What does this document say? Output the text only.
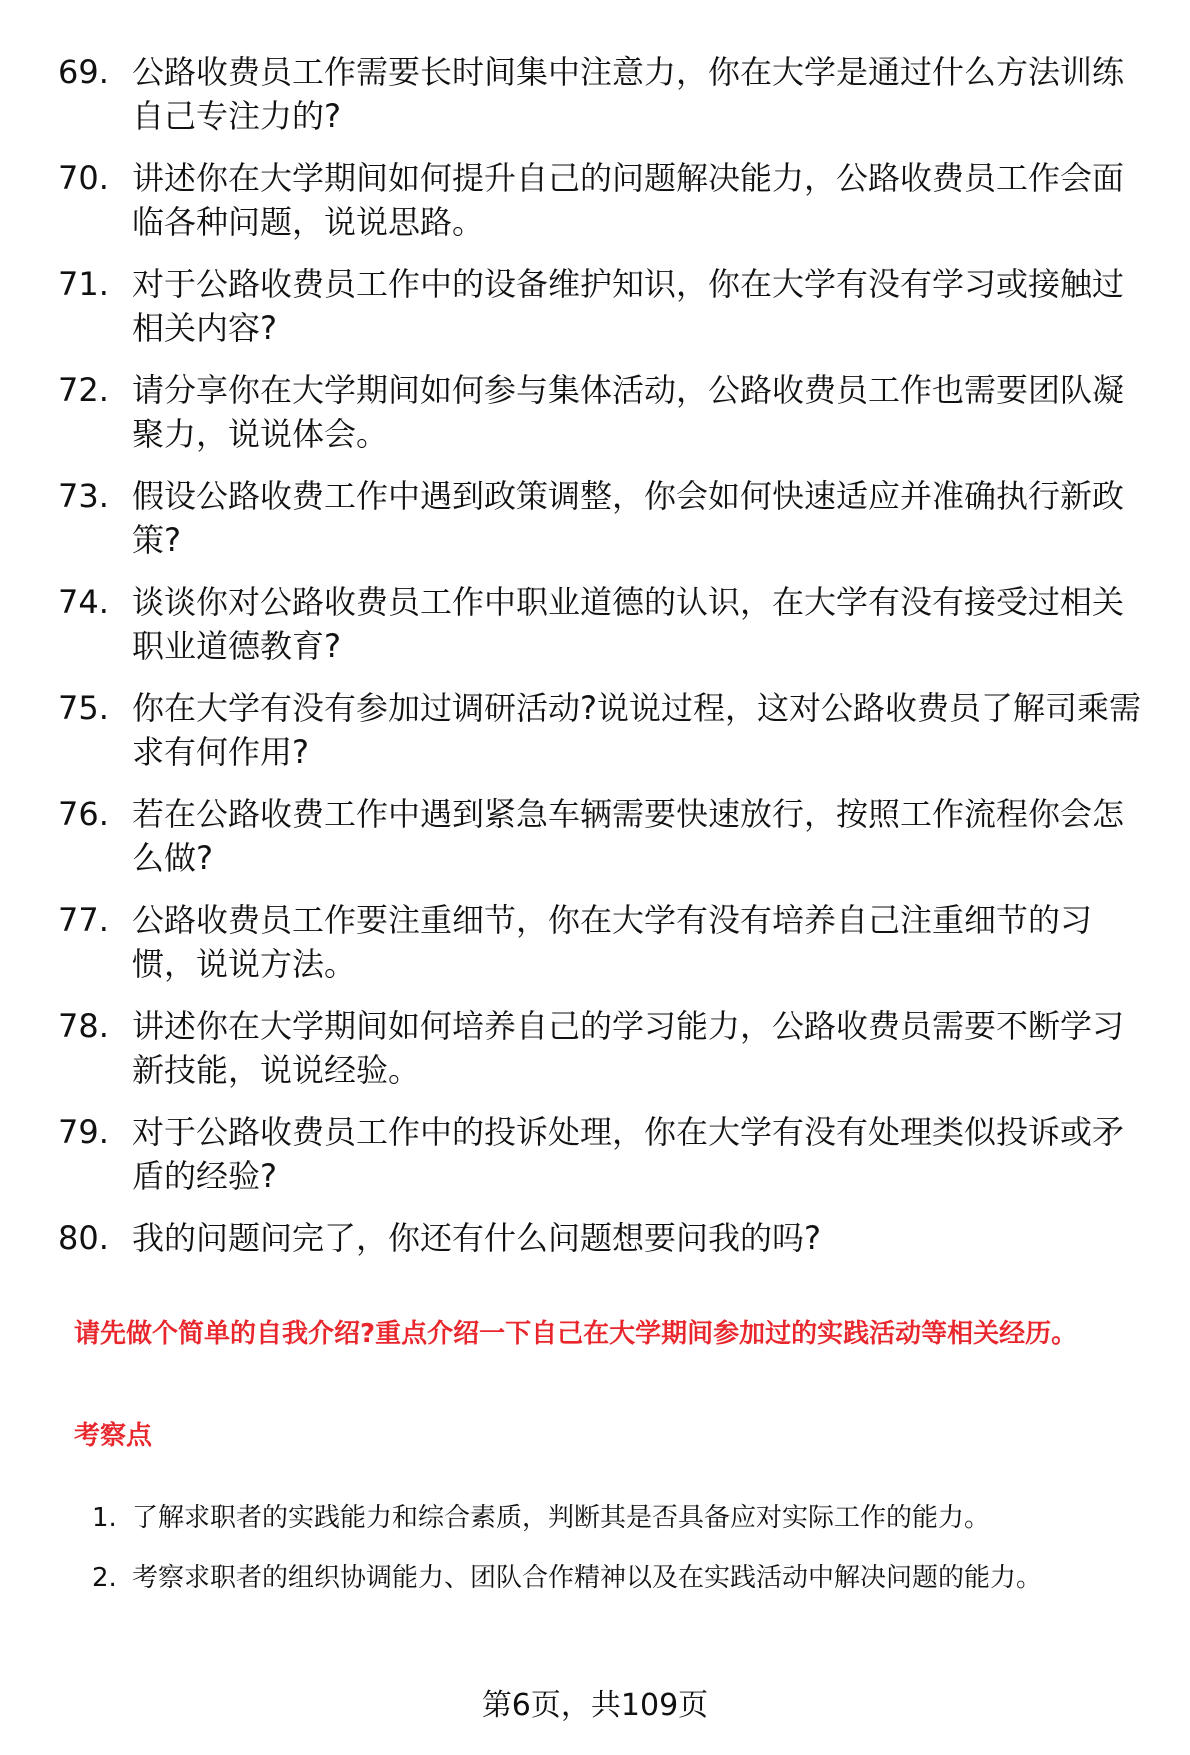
69. 公路收费员工作需要长时间集中注意力，你在大学是通过什么方法训练自己专注力的?
70. 讲述你在大学期间如何提升自己的问题解决能力，公路收费员工作会面临各种问题，说说思路。
71. 对于公路收费员工作中的设备维护知识，你在大学有没有学习或接触过相关内容?
72. 请分享你在大学期间如何参与集体活动，公路收费员工作也需要团队凝聚力，说说体会。
73. 假设公路收费工作中遇到政策调整，你会如何快速适应并准确执行新政策?
74. 谈谈你对公路收费员工作中职业道德的认识，在大学有没有接受过相关职业道德教育?
75. 你在大学有没有参加过调研活动?说说过程，这对公路收费员了解司乘需求有何作用?
76. 若在公路收费工作中遇到紧急车辆需要快速放行，按照工作流程你会怎么做?
77. 公路收费员工作要注重细节，你在大学有没有培养自己注重细节的习惯，说说方法。
78. 讲述你在大学期间如何培养自己的学习能力，公路收费员需要不断学习新技能，说说经验。
79. 对于公路收费员工作中的投诉处理，你在大学有没有处理类似投诉或矛盾的经验?
80. 我的问题问完了，你还有什么问题想要问我的吗?
请先做个简单的自我介绍?重点介绍一下自己在大学期间参加过的实践活动等相关经历。
考察点
1. 了解求职者的实践能力和综合素质，判断其是否具备应对实际工作的能力。
2. 考察求职者的组织协调能力、团队合作精神以及在实践活动中解决问题的能力。
第6页，共109页
